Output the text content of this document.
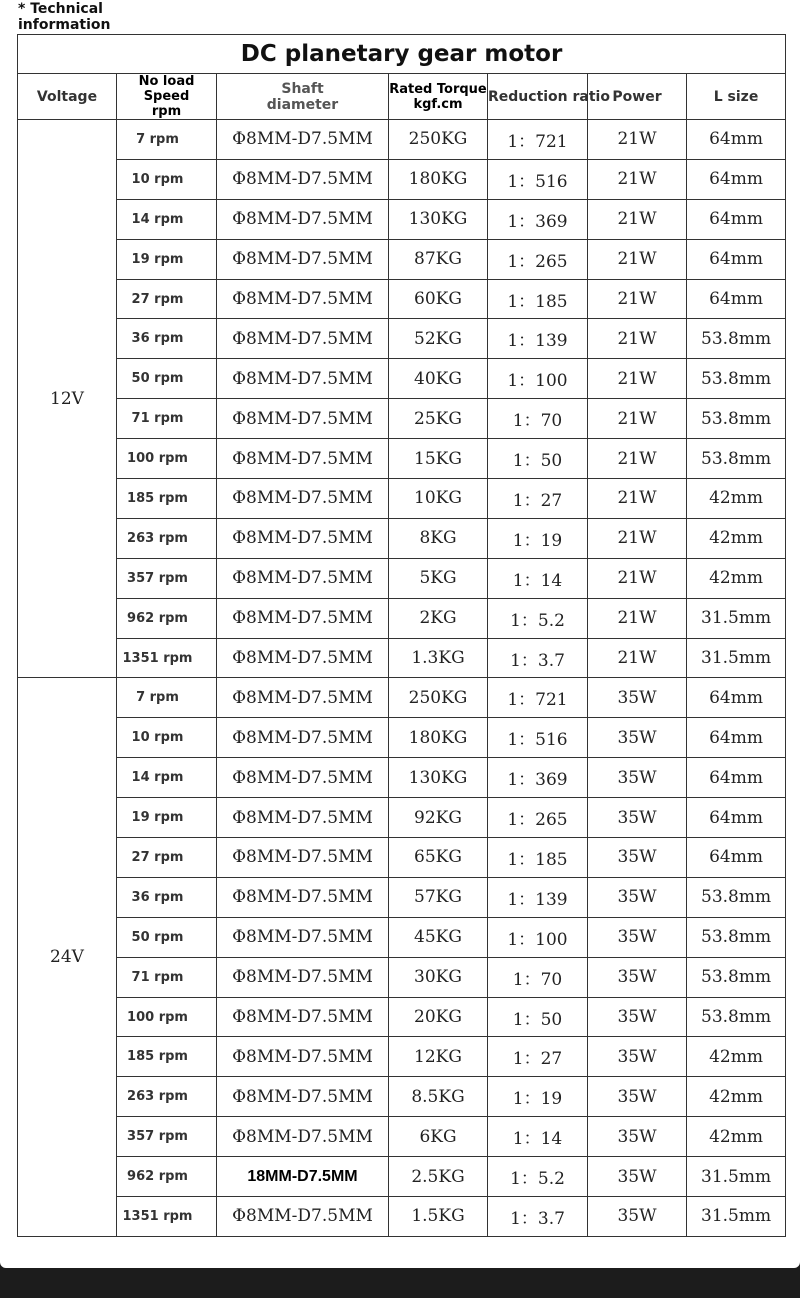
* Technical
information

DC planetary gear motor						
Voltage	No load Speed
rpm	Shaft
diameter	Rated Torque
kgf.cm	Reduction ratio	Power	L size
12V	7 rpm	Φ8MM-D7.5MM	250KG	1：721	21W	64mm
	10 rpm	Φ8MM-D7.5MM	180KG	1：516	21W	64mm
	14 rpm	Φ8MM-D7.5MM	130KG	1：369	21W	64mm
	19 rpm	Φ8MM-D7.5MM	87KG	1：265	21W	64mm
	27 rpm	Φ8MM-D7.5MM	60KG	1：185	21W	64mm
	36 rpm	Φ8MM-D7.5MM	52KG	1：139	21W	53.8mm
	50 rpm	Φ8MM-D7.5MM	40KG	1：100	21W	53.8mm
	71 rpm	Φ8MM-D7.5MM	25KG	1：70	21W	53.8mm
	100 rpm	Φ8MM-D7.5MM	15KG	1：50	21W	53.8mm
	185 rpm	Φ8MM-D7.5MM	10KG	1：27	21W	42mm
	263 rpm	Φ8MM-D7.5MM	8KG	1：19	21W	42mm
	357 rpm	Φ8MM-D7.5MM	5KG	1：14	21W	42mm
	962 rpm	Φ8MM-D7.5MM	2KG	1：5.2	21W	31.5mm
	1351 rpm	Φ8MM-D7.5MM	1.3KG	1：3.7	21W	31.5mm
24V	7 rpm	Φ8MM-D7.5MM	250KG	1：721	35W	64mm
	10 rpm	Φ8MM-D7.5MM	180KG	1：516	35W	64mm
	14 rpm	Φ8MM-D7.5MM	130KG	1：369	35W	64mm
	19 rpm	Φ8MM-D7.5MM	92KG	1：265	35W	64mm
	27 rpm	Φ8MM-D7.5MM	65KG	1：185	35W	64mm
	36 rpm	Φ8MM-D7.5MM	57KG	1：139	35W	53.8mm
	50 rpm	Φ8MM-D7.5MM	45KG	1：100	35W	53.8mm
	71 rpm	Φ8MM-D7.5MM	30KG	1：70	35W	53.8mm
	100 rpm	Φ8MM-D7.5MM	20KG	1：50	35W	53.8mm
	185 rpm	Φ8MM-D7.5MM	12KG	1：27	35W	42mm
	263 rpm	Φ8MM-D7.5MM	8.5KG	1：19	35W	42mm
	357 rpm	Φ8MM-D7.5MM	6KG	1：14	35W	42mm
	962 rpm	18MM-D7.5MM	2.5KG	1：5.2	35W	31.5mm
	1351 rpm	Φ8MM-D7.5MM	1.5KG	1：3.7	35W	31.5mm
